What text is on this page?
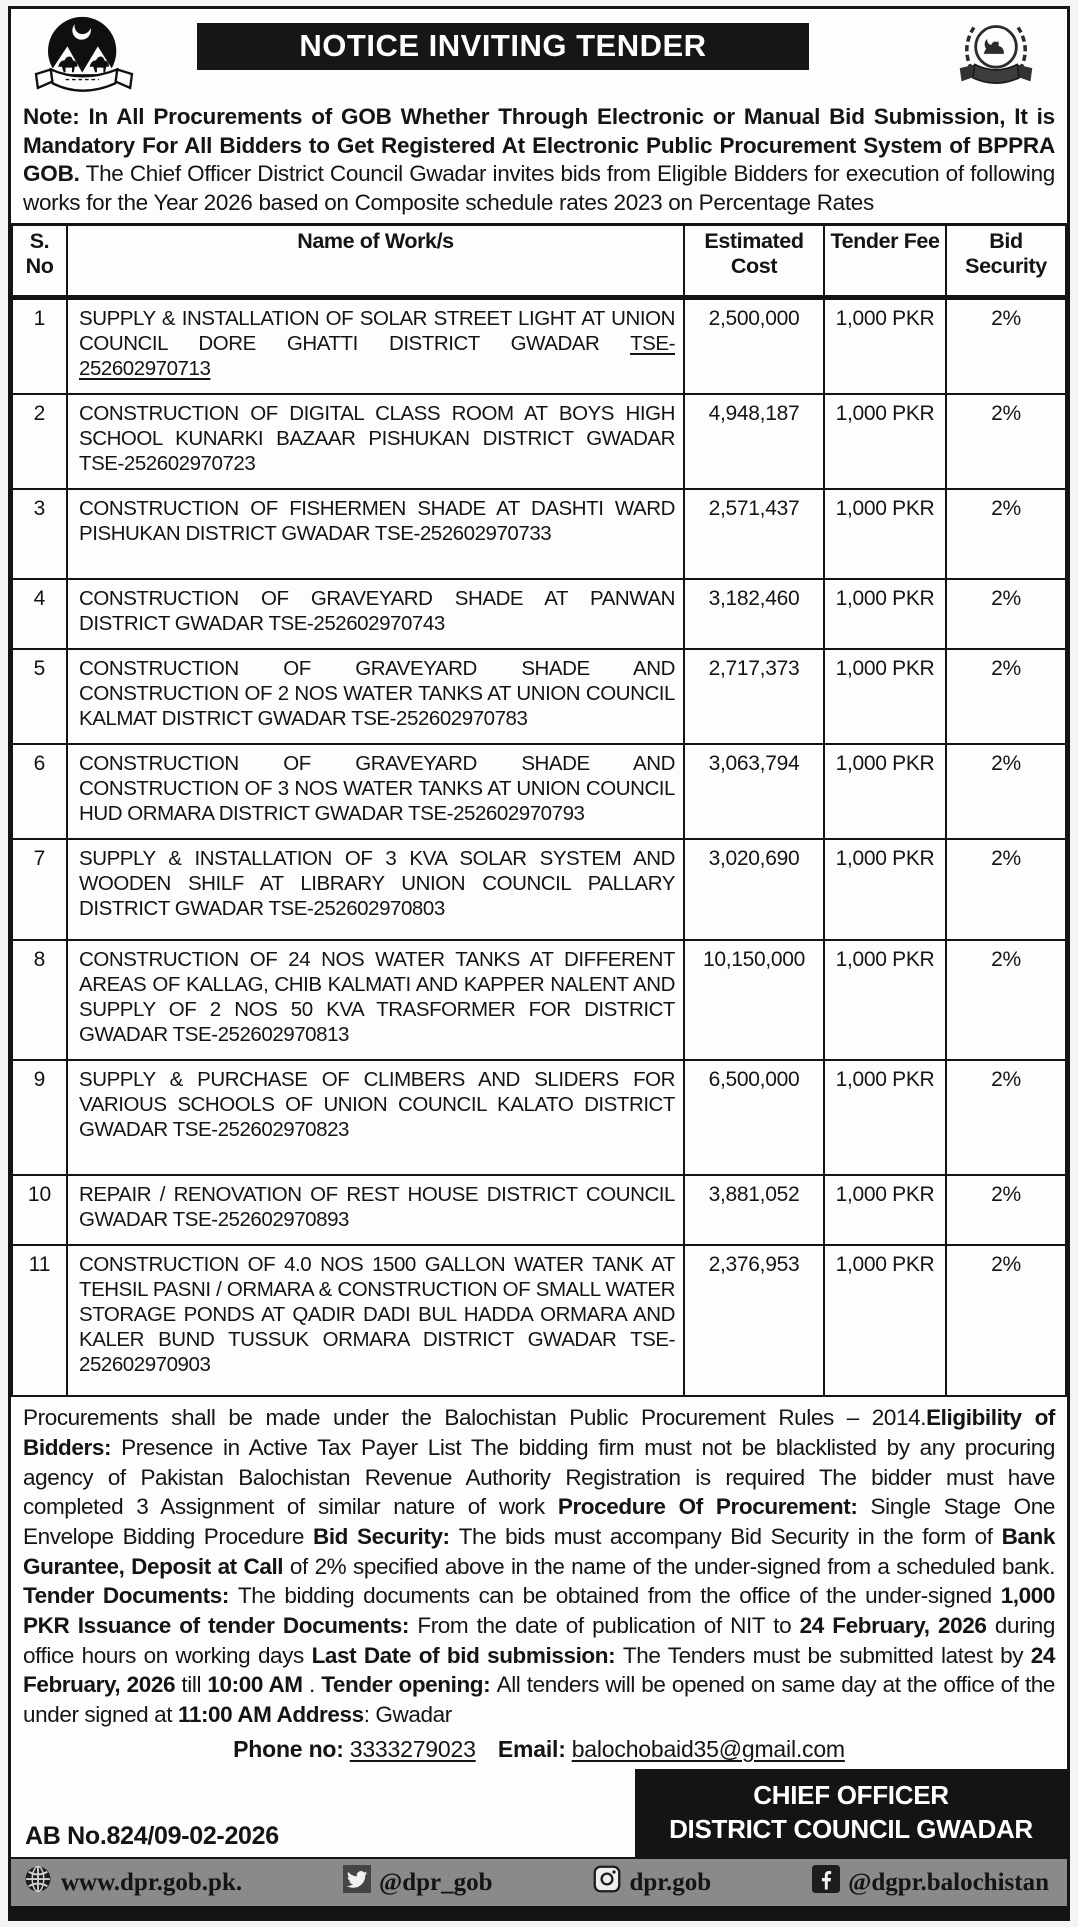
NOTICE INVITING TENDER

Note: In All Procurements of GOB Whether Through Electronic or Manual Bid Submission, It is Mandatory For All Bidders to Get Registered At Electronic Public Procurement System of BPPRA GOB. The Chief Officer District Council Gwadar invites bids from Eligible Bidders for execution of following works for the Year 2026 based on Composite schedule rates 2023 on Percentage Rates

S. No	Name of Work/s	Estimated Cost	Tender Fee	Bid Security
1	SUPPLY & INSTALLATION OF SOLAR STREET LIGHT AT UNION COUNCIL DORE GHATTI DISTRICT GWADAR TSE-252602970713	2,500,000	1,000 PKR	2%
2	CONSTRUCTION OF DIGITAL CLASS ROOM AT BOYS HIGH SCHOOL KUNARKI BAZAAR PISHUKAN DISTRICT GWADAR TSE-252602970723	4,948,187	1,000 PKR	2%
3	CONSTRUCTION OF FISHERMEN SHADE AT DASHTI WARD PISHUKAN DISTRICT GWADAR TSE-252602970733	2,571,437	1,000 PKR	2%
4	CONSTRUCTION OF GRAVEYARD SHADE AT PANWAN DISTRICT GWADAR TSE-252602970743	3,182,460	1,000 PKR	2%
5	CONSTRUCTION OF GRAVEYARD SHADE AND CONSTRUCTION OF 2 NOS WATER TANKS AT UNION COUNCIL KALMAT DISTRICT GWADAR TSE-252602970783	2,717,373	1,000 PKR	2%
6	CONSTRUCTION OF GRAVEYARD SHADE AND CONSTRUCTION OF 3 NOS WATER TANKS AT UNION COUNCIL HUD ORMARA DISTRICT GWADAR TSE-252602970793	3,063,794	1,000 PKR	2%
7	SUPPLY & INSTALLATION OF 3 KVA SOLAR SYSTEM AND WOODEN SHILF AT LIBRARY UNION COUNCIL PALLARY DISTRICT GWADAR TSE-252602970803	3,020,690	1,000 PKR	2%
8	CONSTRUCTION OF 24 NOS WATER TANKS AT DIFFERENT AREAS OF KALLAG, CHIB KALMATI AND KAPPER NALENT AND SUPPLY OF 2 NOS 50 KVA TRASFORMER FOR DISTRICT GWADAR TSE-252602970813	10,150,000	1,000 PKR	2%
9	SUPPLY & PURCHASE OF CLIMBERS AND SLIDERS FOR VARIOUS SCHOOLS OF UNION COUNCIL KALATO DISTRICT GWADAR TSE-252602970823	6,500,000	1,000 PKR	2%
10	REPAIR / RENOVATION OF REST HOUSE DISTRICT COUNCIL GWADAR TSE-252602970893	3,881,052	1,000 PKR	2%
11	CONSTRUCTION OF 4.0 NOS 1500 GALLON WATER TANK AT TEHSIL PASNI / ORMARA & CONSTRUCTION OF SMALL WATER STORAGE PONDS AT QADIR DADI BUL HADDA ORMARA AND KALER BUND TUSSUK ORMARA DISTRICT GWADAR TSE-252602970903	2,376,953	1,000 PKR	2%

Procurements shall be made under the Balochistan Public Procurement Rules – 2014.Eligibility of Bidders: Presence in Active Tax Payer List The bidding firm must not be blacklisted by any procuring agency of Pakistan Balochistan Revenue Authority Registration is required The bidder must have completed 3 Assignment of similar nature of work Procedure Of Procurement: Single Stage One Envelope Bidding Procedure Bid Security: The bids must accompany Bid Security in the form of Bank Gurantee, Deposit at Call of 2% specified above in the name of the under-signed from a scheduled bank. Tender Documents: The bidding documents can be obtained from the office of the under-signed 1,000 PKR Issuance of tender Documents: From the date of publication of NIT to 24 February, 2026 during office hours on working days Last Date of bid submission: The Tenders must be submitted latest by 24 February, 2026 till 10:00 AM . Tender opening: All tenders will be opened on same day at the office of the under signed at 11:00 AM Address: Gwadar

Phone no: 3333279023 Email: balochobaid35@gmail.com

AB No.824/09-02-2026
CHIEF OFFICER
DISTRICT COUNCIL GWADAR
www.dpr.gob.pk.	@dpr_gob	dpr.gob	@dgpr.balochistan
